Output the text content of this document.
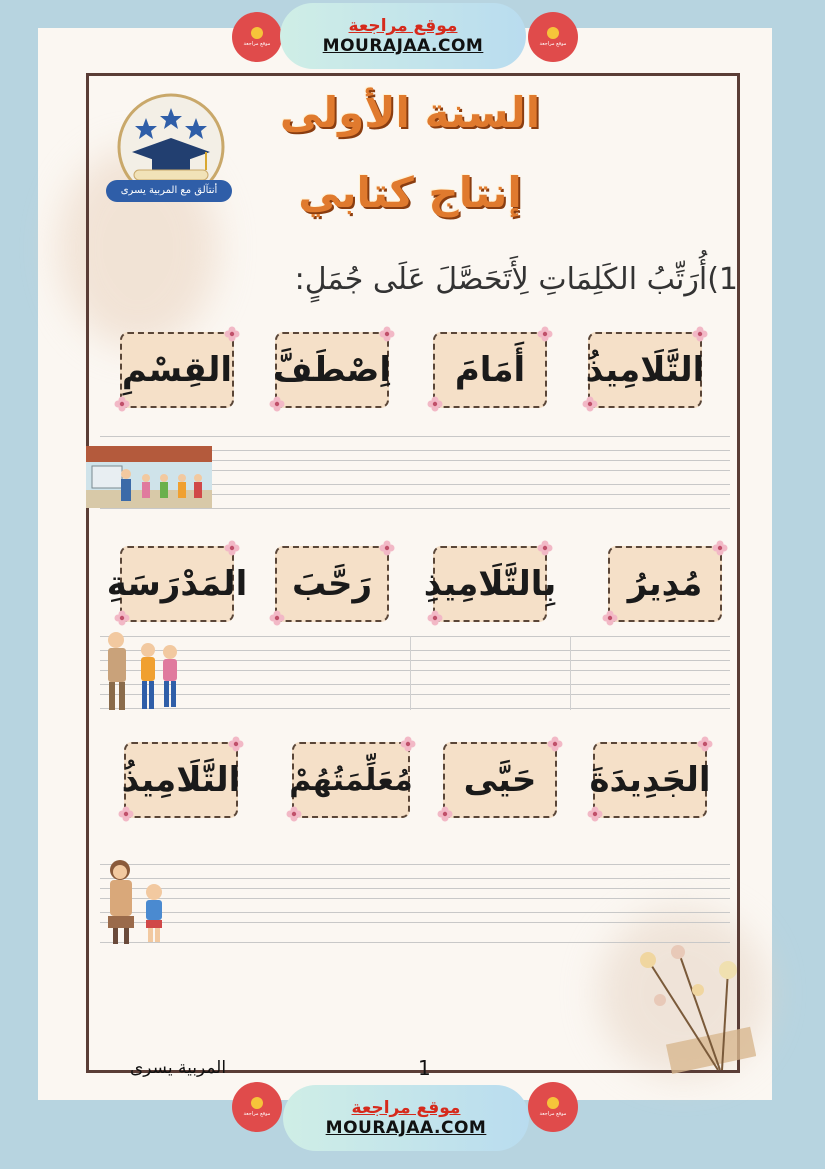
موقع مراجعة
موقع مراجعة
MOURAJAA.COM	موقع مراجعة
أنتآلق مع المربية يسرى
السنة الأولى
إنتاج كتابي
1)أُرَتِّبُ الكَلِمَاتِ لِأَتَحَصَّلَ عَلَى جُمَلٍ:
التَّلَامِيذُ
أَمَامَ
اِصْطَفَّ
القِسْمِ
مُدِيرُ
بِالتَّلَامِيذِ
رَحَّبَ
المَدْرَسَةِ
الجَدِيدَةَ
حَيَّى
مُعَلِّمَتُهُمْ
التَّلَامِيذُ
المربية يسرى	1
موقع مراجعة	موقع مراجعة
MOURAJAA.COM
موقع مراجعة
